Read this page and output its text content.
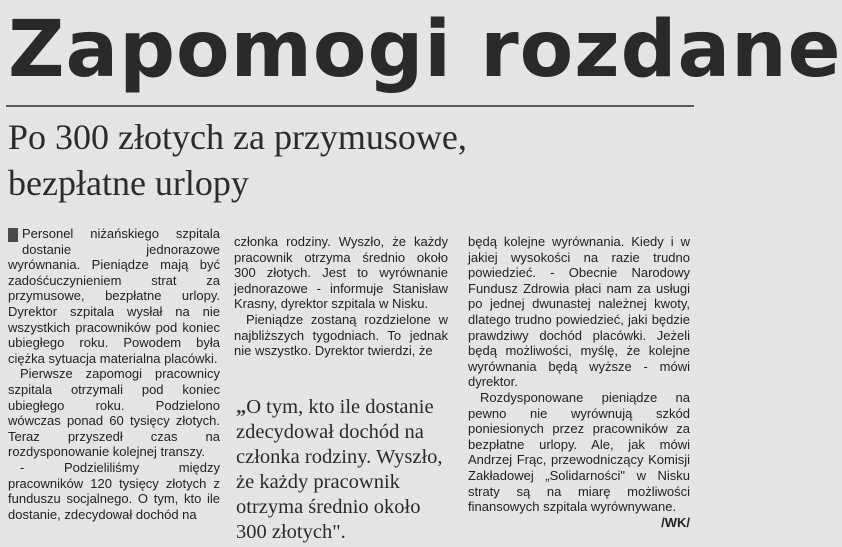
Zapomogi rozdane
Po 300 złotych za przymusowe,
bezpłatne urlopy

Personel niżańskiego szpitala dostanie jednorazowe wyrównania. Pieniądze mają być zadośćuczynieniem strat za przymusowe, bezpłatne urlopy. Dyrektor szpitala wysłał na nie wszystkich pracowników pod koniec ubiegłego roku. Powodem była ciężka sytuacja materialna placówki.

Pierwsze zapomogi pracownicy szpitala otrzymali pod koniec ubiegłego roku. Podzielono wówczas ponad 60 tysięcy złotych. Teraz przyszedł czas na rozdysponowanie kolejnej transzy.

- Podzieliliśmy między pracowników 120 tysięcy złotych z funduszu socjalnego. O tym, kto ile dostanie, zdecydował dochód na

członka rodziny. Wyszło, że każdy pracownik otrzyma średnio około 300 złotych. Jest to wyrównanie jednorazowe - informuje Stanisław Krasny, dyrektor szpitala w Nisku.

Pieniądze zostaną rozdzielone w najbliższych tygodniach. To jednak nie wszystko. Dyrektor twierdzi, że

„O tym, kto ile dostanie zdecydował dochód na członka rodziny. Wyszło, że każdy pracownik otrzyma średnio około 300 złotych".

będą kolejne wyrównania. Kiedy i w jakiej wysokości na razie trudno powiedzieć. - Obecnie Narodowy Fundusz Zdrowia płaci nam za usługi po jednej dwunastej należnej kwoty, dlatego trudno powiedzieć, jaki będzie prawdziwy dochód placówki. Jeżeli będą możliwości, myślę, że kolejne wyrównania będą wyższe - mówi dyrektor.

Rozdysponowane pieniądze na pewno nie wyrównują szkód poniesionych przez pracowników za bezpłatne urlopy. Ale, jak mówi Andrzej Frąc, przewodniczący Komisji Zakładowej „Solidarności" w Nisku straty są na miarę możliwości finansowych szpitala wyrównywane.

/WK/
